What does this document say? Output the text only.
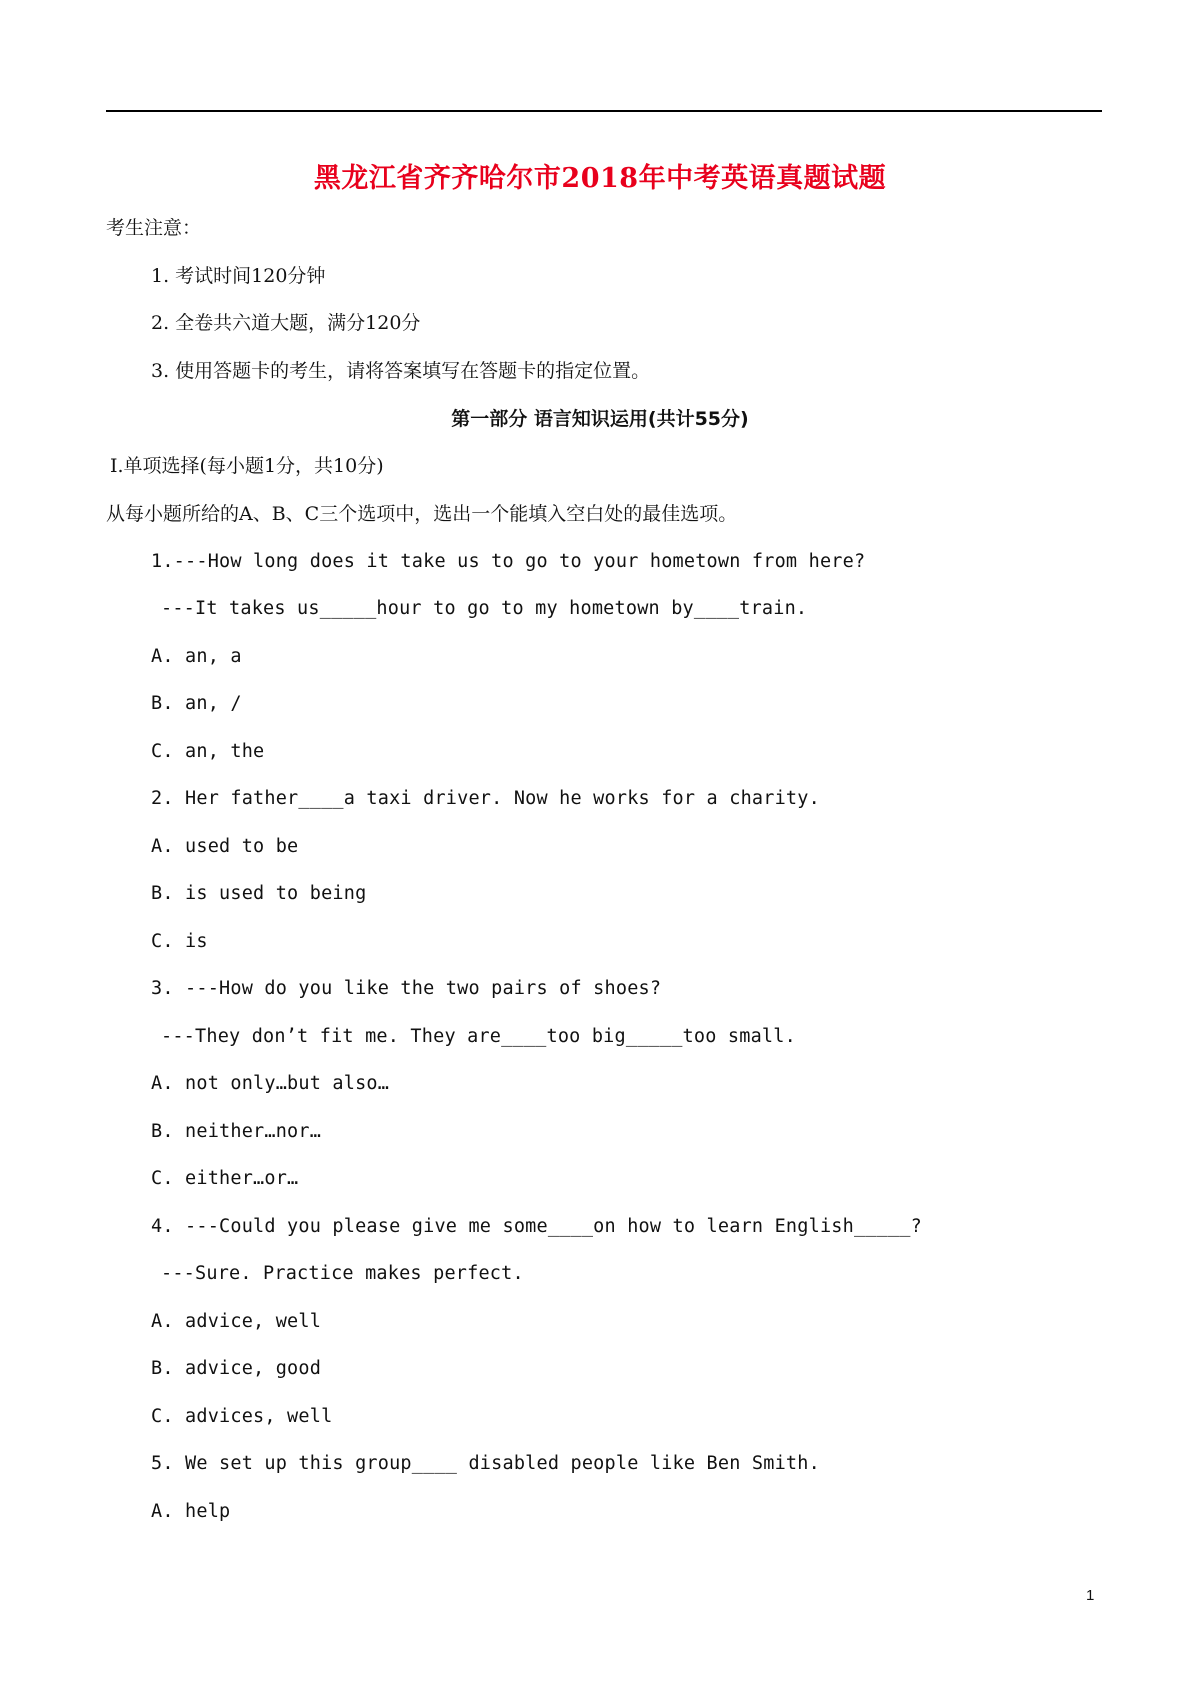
黑龙江省齐齐哈尔市2018年中考英语真题试题
考生注意：
1. 考试时间120分钟
2. 全卷共六道大题，满分120分
3. 使用答题卡的考生，请将答案填写在答题卡的指定位置。
第一部分 语言知识运用(共计55分)
Ⅰ.单项选择(每小题1分，共10分)
从每小题所给的A、B、C三个选项中，选出一个能填入空白处的最佳选项。
1.---How long does it take us to go to your hometown from here?
---It takes us_____hour to go to my hometown by____train.
A. an, a
B. an, /
C. an, the
2. Her father____a taxi driver. Now he works for a charity.
A. used to be
B. is used to being
C. is
3. ---How do you like the two pairs of shoes?
---They don’t fit me. They are____too big_____too small.
A. not only…but also…
B. neither…nor…
C. either…or…
4. ---Could you please give me some____on how to learn English_____?
---Sure. Practice makes perfect.
A. advice, well
B. advice, good
C. advices, well
5. We set up this group____ disabled people like Ben Smith.
A. help
1
